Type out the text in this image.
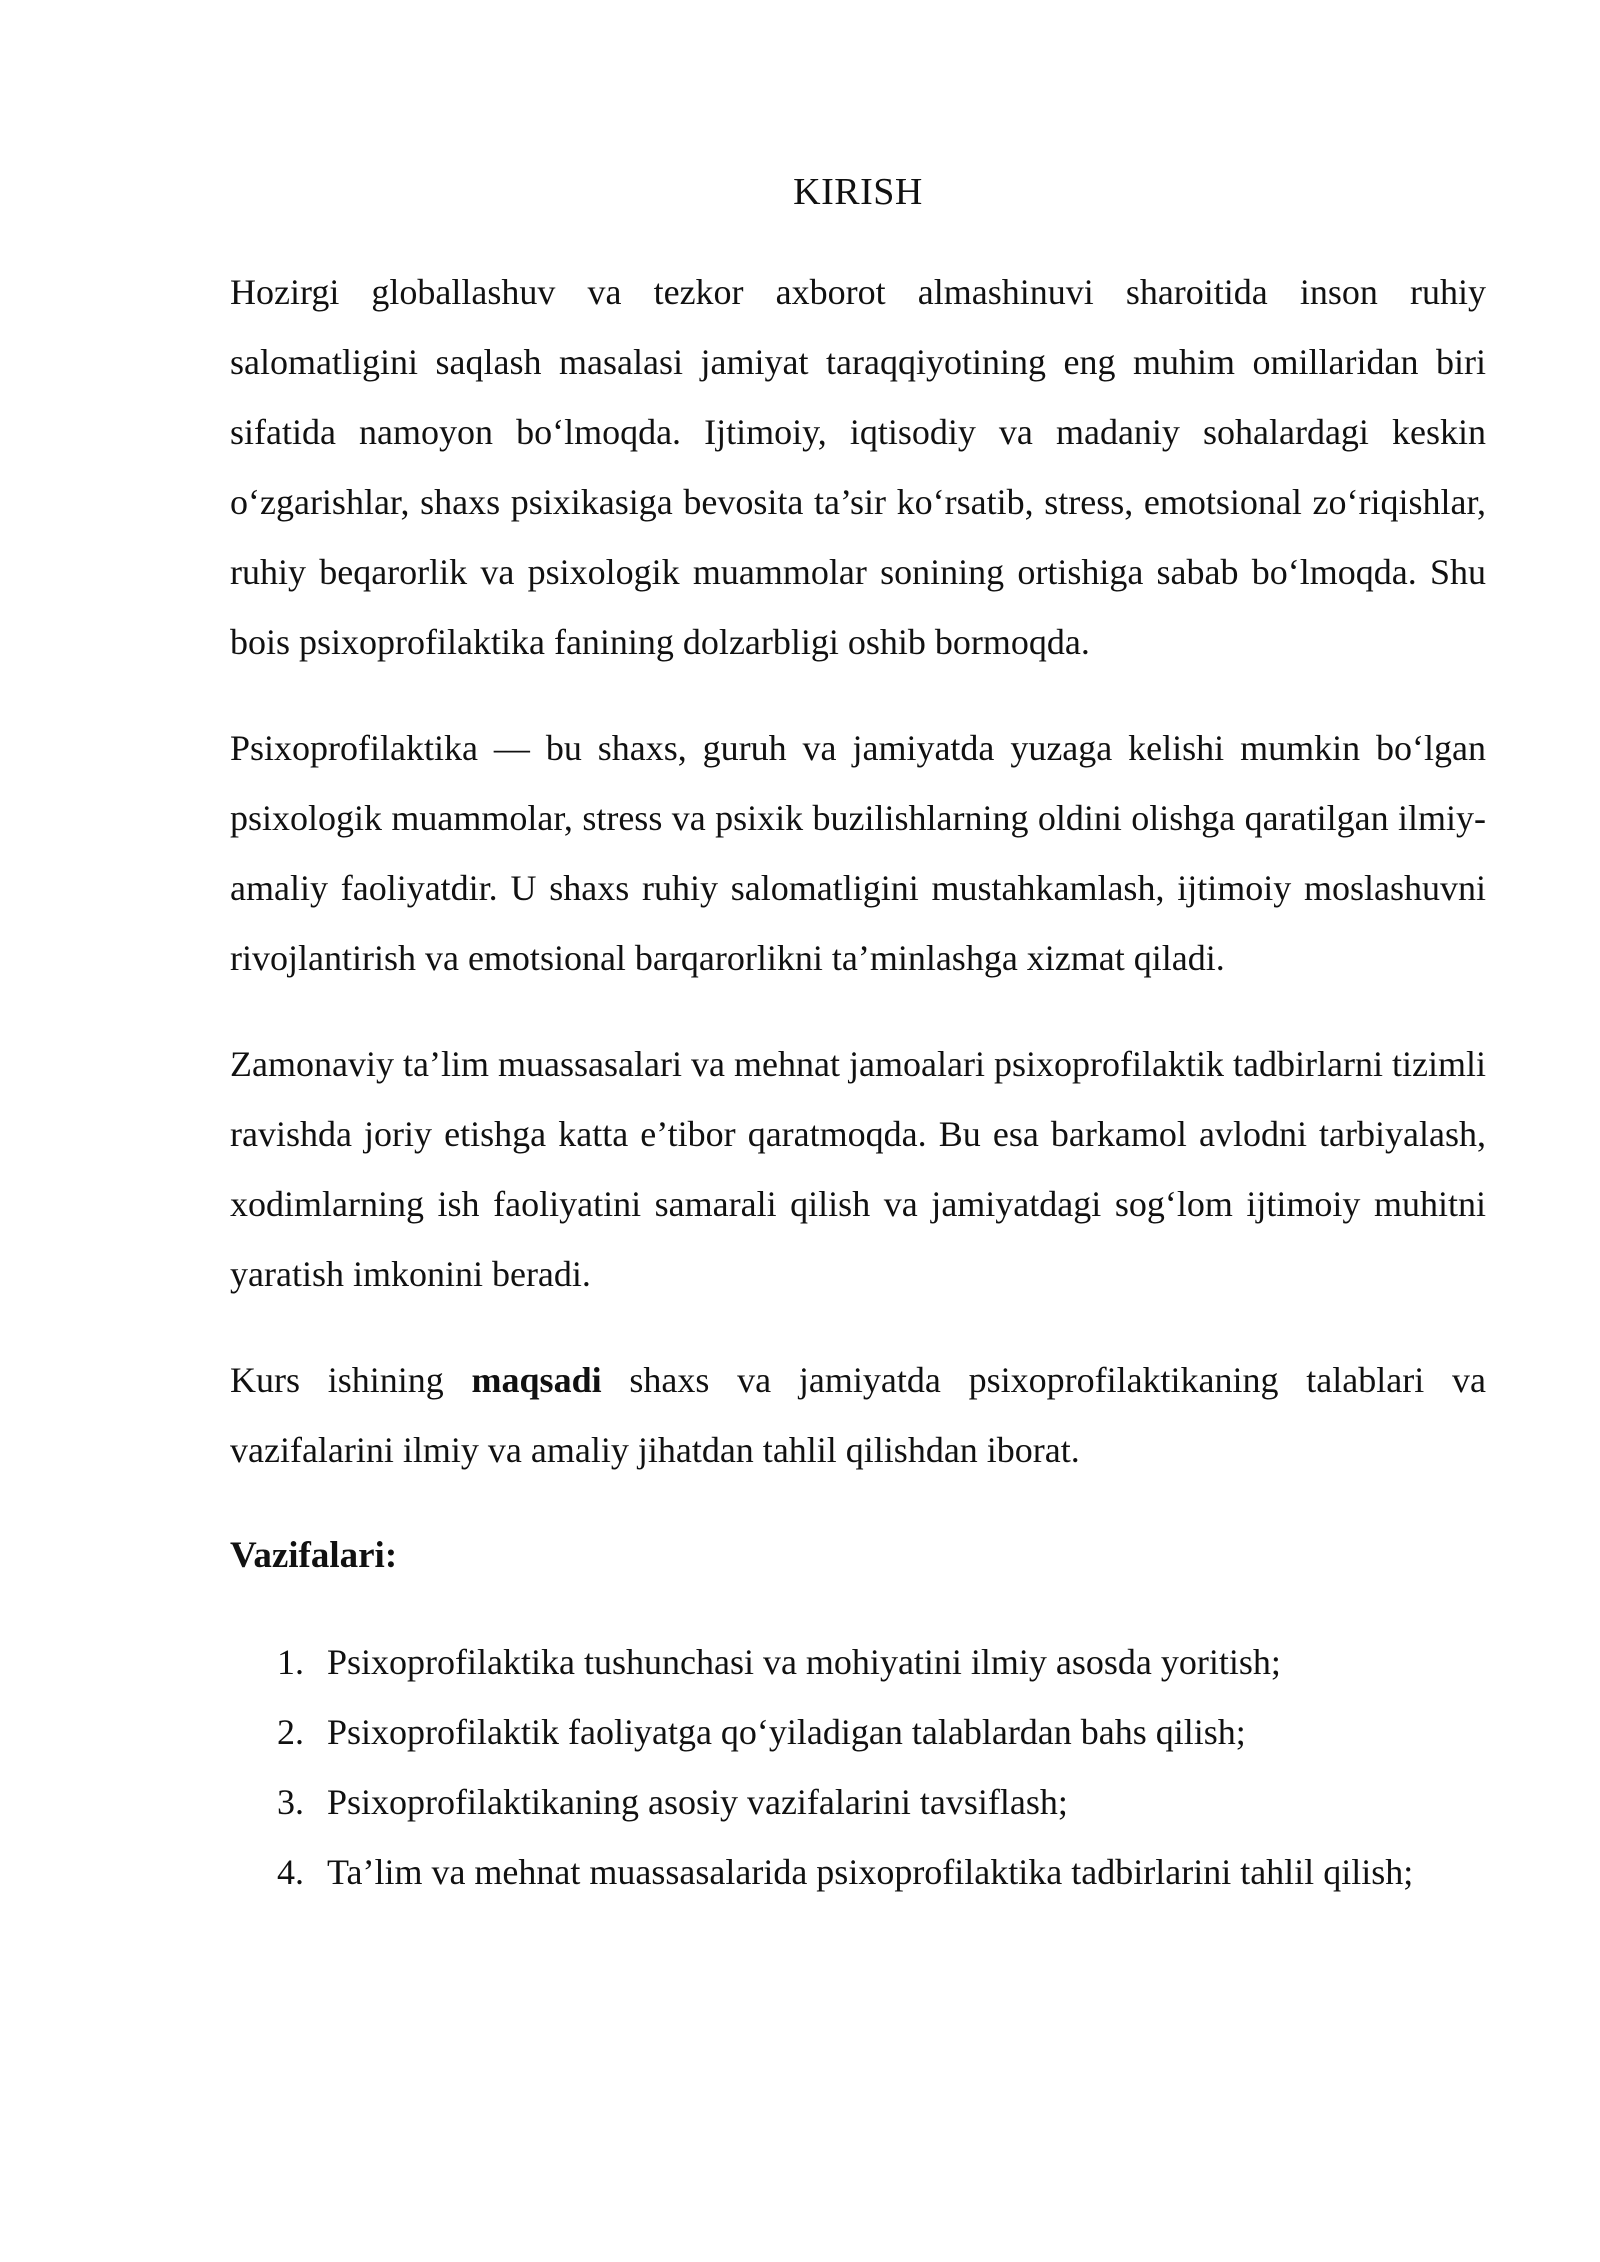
KIRISH

Hozirgi globallashuv va tezkor axborot almashinuvi sharoitida inson ruhiy salomatligini saqlash masalasi jamiyat taraqqiyotining eng muhim omillaridan biri sifatida namoyon bo‘lmoqda. Ijtimoiy, iqtisodiy va madaniy sohalardagi keskin o‘zgarishlar, shaxs psixikasiga bevosita ta’sir ko‘rsatib, stress, emotsional zo‘riqishlar, ruhiy beqarorlik va psixologik muammolar sonining ortishiga sabab bo‘lmoqda. Shu bois psixoprofilaktika fanining dolzarbligi oshib bormoqda.

Psixoprofilaktika — bu shaxs, guruh va jamiyatda yuzaga kelishi mumkin bo‘lgan psixologik muammolar, stress va psixik buzilishlarning oldini olishga qaratilgan ilmiy-amaliy faoliyatdir. U shaxs ruhiy salomatligini mustahkamlash, ijtimoiy moslashuvni rivojlantirish va emotsional barqarorlikni ta’minlashga xizmat qiladi.

Zamonaviy ta’lim muassasalari va mehnat jamoalari psixoprofilaktik tadbirlarni tizimli ravishda joriy etishga katta e’tibor qaratmoqda. Bu esa barkamol avlodni tarbiyalash, xodimlarning ish faoliyatini samarali qilish va jamiyatdagi sog‘lom ijtimoiy muhitni yaratish imkonini beradi.

Kurs ishining maqsadi shaxs va jamiyatda psixoprofilaktikaning talablari va vazifalarini ilmiy va amaliy jihatdan tahlil qilishdan iborat.

Vazifalari:
1. Psixoprofilaktika tushunchasi va mohiyatini ilmiy asosda yoritish;
2. Psixoprofilaktik faoliyatga qo‘yiladigan talablardan bahs qilish;
3. Psixoprofilaktikaning asosiy vazifalarini tavsiflash;
4. Ta’lim va mehnat muassasalarida psixoprofilaktika tadbirlarini tahlil qilish;
